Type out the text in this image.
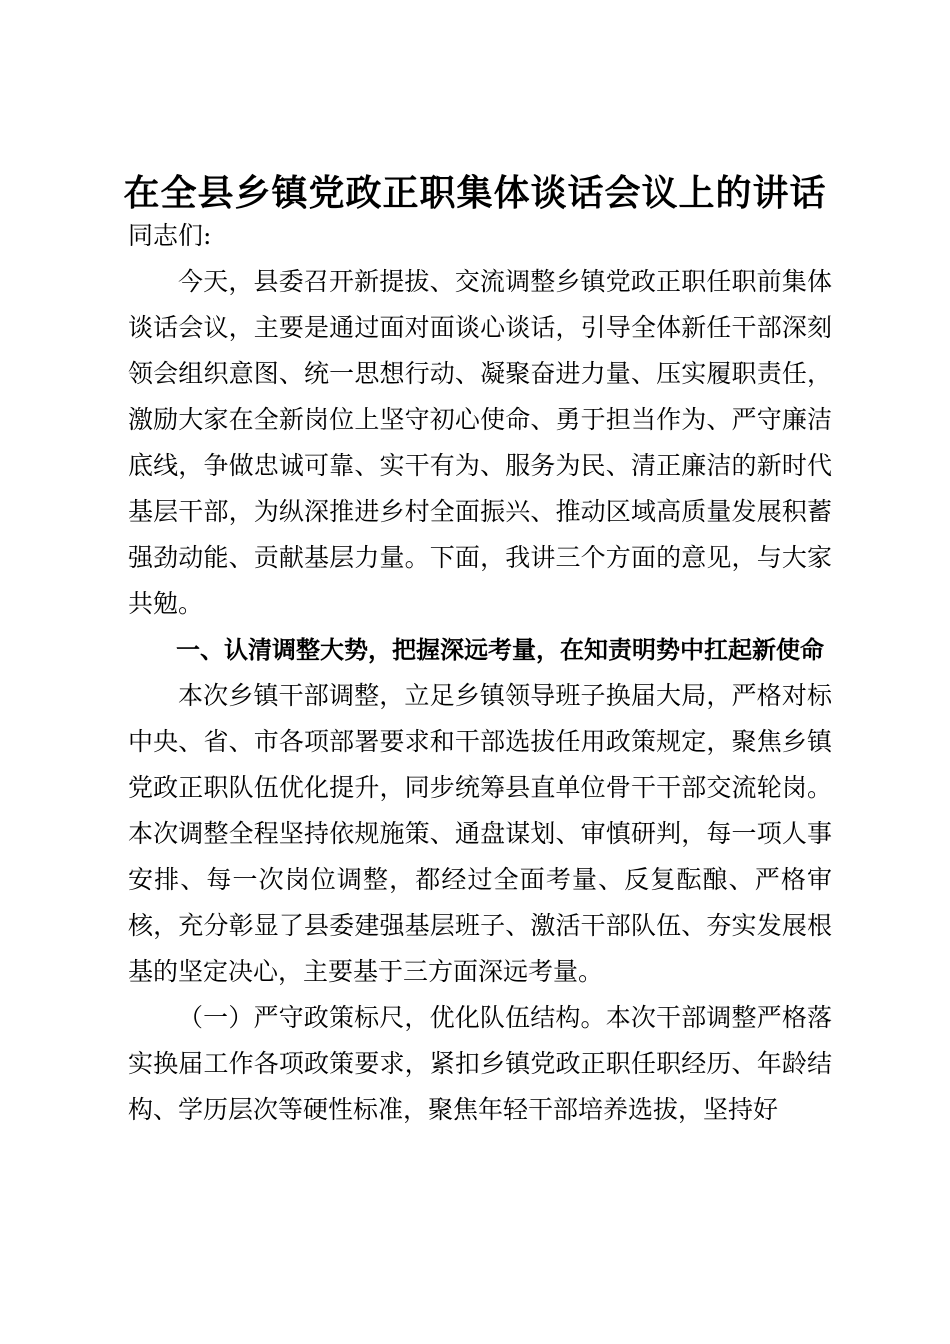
在全县乡镇党政正职集体谈话会议上的讲话

同志们:

今天，县委召开新提拔、交流调整乡镇党政正职任职前集体谈话会议，主要是通过面对面谈心谈话，引导全体新任干部深刻领会组织意图、统一思想行动、凝聚奋进力量、压实履职责任，激励大家在全新岗位上坚守初心使命、勇于担当作为、严守廉洁底线，争做忠诚可靠、实干有为、服务为民、清正廉洁的新时代基层干部，为纵深推进乡村全面振兴、推动区域高质量发展积蓄强劲动能、贡献基层力量。下面，我讲三个方面的意见，与大家共勉。

一、认清调整大势，把握深远考量，在知责明势中扛起新使命

本次乡镇干部调整，立足乡镇领导班子换届大局，严格对标中央、省、市各项部署要求和干部选拔任用政策规定，聚焦乡镇党政正职队伍优化提升，同步统筹县直单位骨干干部交流轮岗。本次调整全程坚持依规施策、通盘谋划、审慎研判，每一项人事安排、每一次岗位调整，都经过全面考量、反复酝酿、严格审核，充分彰显了县委建强基层班子、激活干部队伍、夯实发展根基的坚定决心，主要基于三方面深远考量。

（一）严守政策标尺，优化队伍结构。本次干部调整严格落实换届工作各项政策要求，紧扣乡镇党政正职任职经历、年龄结构、学历层次等硬性标准，聚焦年轻干部培养选拔，坚持好
